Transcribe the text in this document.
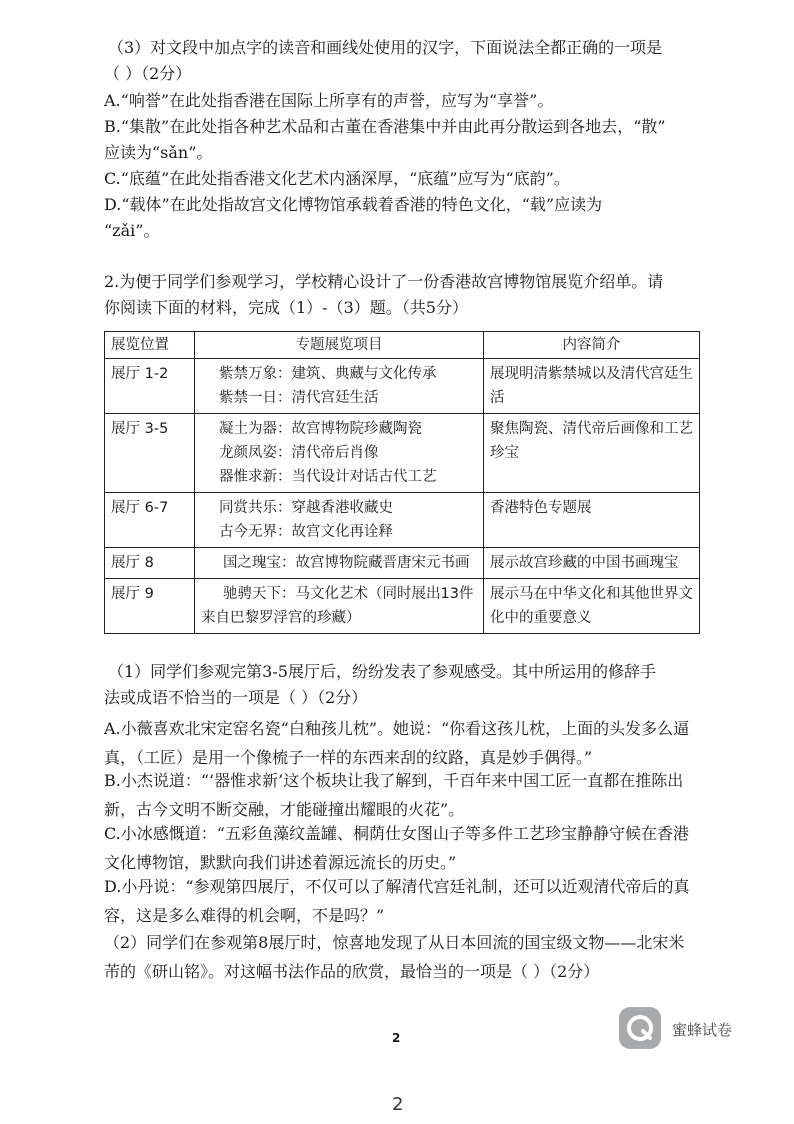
（3）对文段中加点字的读音和画线处使用的汉字，下面说法全都正确的一项是
（ ）（2分）
A.“响誉”在此处指香港在国际上所享有的声誉，应写为“享誉”。
B.“集散”在此处指各种艺术品和古董在香港集中并由此再分散运到各地去，“散”
应读为“sǎn”。
C.“底蕴”在此处指香港文化艺术内涵深厚，“底蕴”应写为“底韵”。
D.“载体”在此处指故宫文化博物馆承载着香港的特色文化，“载”应读为
“zǎi”。
2.为便于同学们参观学习，学校精心设计了一份香港故宫博物馆展览介绍单。请
你阅读下面的材料，完成（1）-（3）题。（共5分）
展览位置	专题展览项目	内容简介
展厅 1-2	紫禁万象：建筑、典藏与文化传承
紫禁一日：清代宫廷生活	展现明清紫禁城以及清代宫廷生活
展厅 3-5	凝土为器：故宫博物院珍藏陶瓷
龙颜凤姿：清代帝后肖像
器惟求新：当代设计对话古代工艺	聚焦陶瓷、清代帝后画像和工艺珍宝
展厅 6-7	同赏共乐：穿越香港收藏史
古今无界：故宫文化再诠释	香港特色专题展
展厅 8	国之瑰宝：故宫博物院藏晋唐宋元书画	展示故宫珍藏的中国书画瑰宝
展厅 9	驰骋天下：马文化艺术（同时展出13件来自巴黎罗浮宫的珍藏）	展示马在中华文化和其他世界文化中的重要意义
（1）同学们参观完第3-5展厅后，纷纷发表了参观感受。其中所运用的修辞手
法或成语不恰当的一项是（ ）（2分）
A.小薇喜欢北宋定窑名瓷“白釉孩儿枕”。她说：“你看这孩儿枕，上面的头发多么逼真，（工匠）是用一个像梳子一样的东西来刮的纹路，真是妙手偶得。”
B.小杰说道：“‘器惟求新’这个板块让我了解到，千百年来中国工匠一直都在推陈出新，古今文明不断交融，才能碰撞出耀眼的火花”。
C.小冰感慨道：“五彩鱼藻纹盖罐、桐荫仕女图山子等多件工艺珍宝静静守候在香港文化博物馆，默默向我们讲述着源远流长的历史。”
D.小丹说：“参观第四展厅，不仅可以了解清代宫廷礼制，还可以近观清代帝后的真容，这是多么难得的机会啊，不是吗？”
（2）同学们在参观第8展厅时，惊喜地发现了从日本回流的国宝级文物——北宋米芾的《研山铭》。对这幅书法作品的欣赏，最恰当的一项是（ ）（2分）
2	蜜蜂试卷
2
